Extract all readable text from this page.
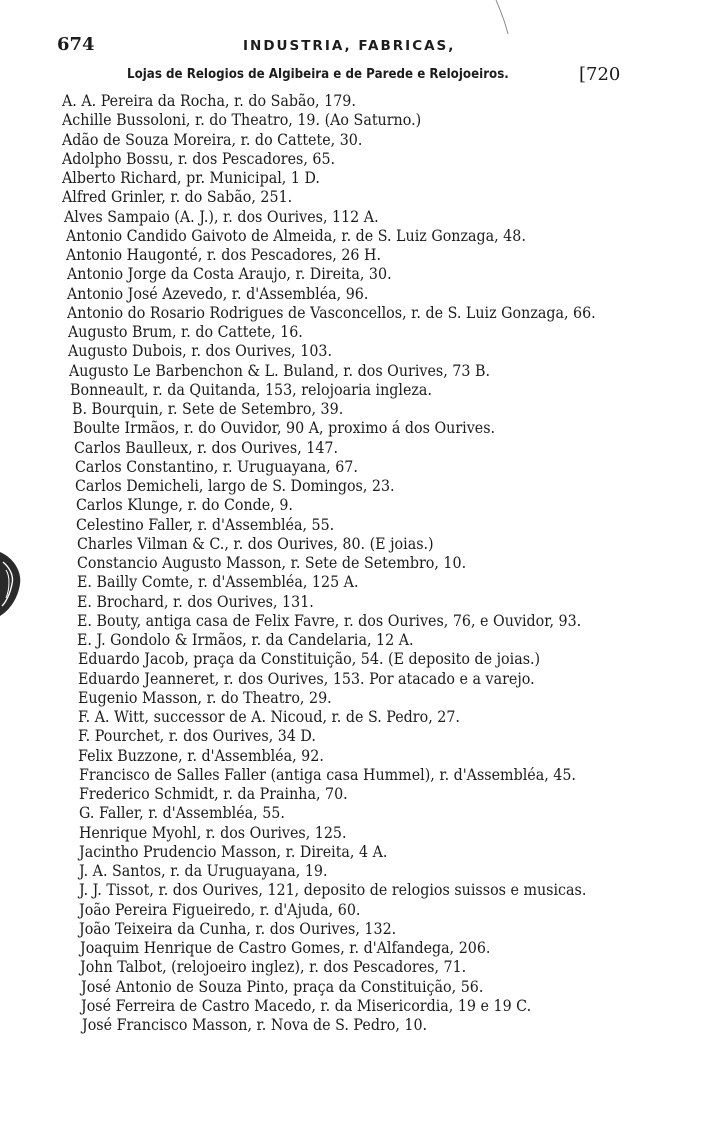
674	INDUSTRIA, FABRICAS,
Lojas de Relogios de Algibeira e de Parede e Relojoeiros.	[720
A. A. Pereira da Rocha, r. do Sabão, 179.
Achille Bussoloni, r. do Theatro, 19. (Ao Saturno.)
Adão de Souza Moreira, r. do Cattete, 30.
Adolpho Bossu, r. dos Pescadores, 65.
Alberto Richard, pr. Municipal, 1 D.
Alfred Grinler, r. do Sabão, 251.
Alves Sampaio (A. J.), r. dos Ourives, 112 A.
Antonio Candido Gaivoto de Almeida, r. de S. Luiz Gonzaga, 48.
Antonio Haugonté, r. dos Pescadores, 26 H.
Antonio Jorge da Costa Araujo, r. Direita, 30.
Antonio José Azevedo, r. d'Assembléa, 96.
Antonio do Rosario Rodrigues de Vasconcellos, r. de S. Luiz Gonzaga, 66.
Augusto Brum, r. do Cattete, 16.
Augusto Dubois, r. dos Ourives, 103.
Augusto Le Barbenchon & L. Buland, r. dos Ourives, 73 B.
Bonneault, r. da Quitanda, 153, relojoaria ingleza.
B. Bourquin, r. Sete de Setembro, 39.
Boulte Irmãos, r. do Ouvidor, 90 A, proximo á dos Ourives.
Carlos Baulleux, r. dos Ourives, 147.
Carlos Constantino, r. Uruguayana, 67.
Carlos Demicheli, largo de S. Domingos, 23.
Carlos Klunge, r. do Conde, 9.
Celestino Faller, r. d'Assembléa, 55.
Charles Vilman & C., r. dos Ourives, 80. (E joias.)
Constancio Augusto Masson, r. Sete de Setembro, 10.
E. Bailly Comte, r. d'Assembléa, 125 A.
E. Brochard, r. dos Ourives, 131.
E. Bouty, antiga casa de Felix Favre, r. dos Ourives, 76, e Ouvidor, 93.
E. J. Gondolo & Irmãos, r. da Candelaria, 12 A.
Eduardo Jacob, praça da Constituição, 54. (E deposito de joias.)
Eduardo Jeanneret, r. dos Ourives, 153. Por atacado e a varejo.
Eugenio Masson, r. do Theatro, 29.
F. A. Witt, successor de A. Nicoud, r. de S. Pedro, 27.
F. Pourchet, r. dos Ourives, 34 D.
Felix Buzzone, r. d'Assembléa, 92.
Francisco de Salles Faller (antiga casa Hummel), r. d'Assembléa, 45.
Frederico Schmidt, r. da Prainha, 70.
G. Faller, r. d'Assembléa, 55.
Henrique Myohl, r. dos Ourives, 125.
Jacintho Prudencio Masson, r. Direita, 4 A.
J. A. Santos, r. da Uruguayana, 19.
J. J. Tissot, r. dos Ourives, 121, deposito de relogios suissos e musicas.
João Pereira Figueiredo, r. d'Ajuda, 60.
João Teixeira da Cunha, r. dos Ourives, 132.
Joaquim Henrique de Castro Gomes, r. d'Alfandega, 206.
John Talbot, (relojoeiro inglez), r. dos Pescadores, 71.
José Antonio de Souza Pinto, praça da Constituição, 56.
José Ferreira de Castro Macedo, r. da Misericordia, 19 e 19 C.
José Francisco Masson, r. Nova de S. Pedro, 10.
